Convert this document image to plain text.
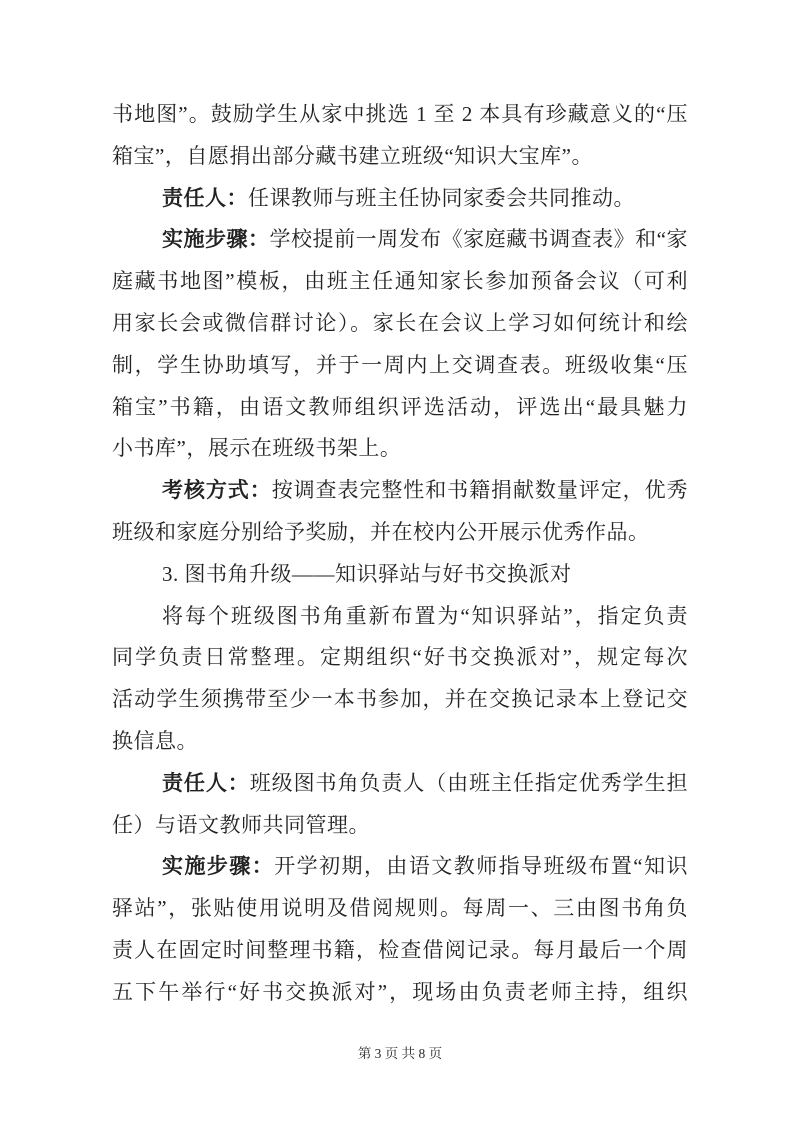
书地图”。鼓励学生从家中挑选 1 至 2 本具有珍藏意义的“压
箱宝”，自愿捐出部分藏书建立班级“知识大宝库”。
责任人：任课教师与班主任协同家委会共同推动。
实施步骤：学校提前一周发布《家庭藏书调查表》和“家
庭藏书地图”模板，由班主任通知家长参加预备会议（可利
用家长会或微信群讨论）。家长在会议上学习如何统计和绘
制，学生协助填写，并于一周内上交调查表。班级收集“压
箱宝”书籍，由语文教师组织评选活动，评选出“最具魅力
小书库”，展示在班级书架上。
考核方式：按调查表完整性和书籍捐献数量评定，优秀
班级和家庭分别给予奖励，并在校内公开展示优秀作品。
3. 图书角升级——知识驿站与好书交换派对
将每个班级图书角重新布置为“知识驿站”，指定负责
同学负责日常整理。定期组织“好书交换派对”，规定每次
活动学生须携带至少一本书参加，并在交换记录本上登记交
换信息。
责任人：班级图书角负责人（由班主任指定优秀学生担
任）与语文教师共同管理。
实施步骤：开学初期，由语文教师指导班级布置“知识
驿站”，张贴使用说明及借阅规则。每周一、三由图书角负
责人在固定时间整理书籍，检查借阅记录。每月最后一个周
五下午举行“好书交换派对”，现场由负责老师主持，组织
第 3 页 共 8 页
